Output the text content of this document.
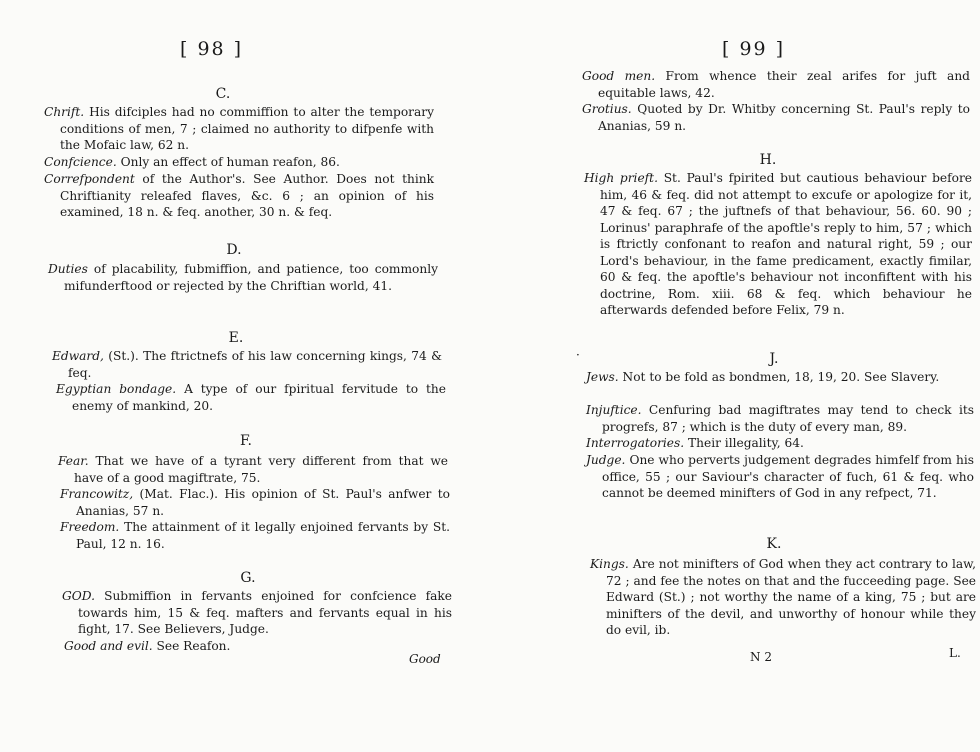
[ 98 ]
C.
Chrift. His difciples had no commiffion to alter the temporary conditions of men, 7 ; claimed no authority to difpenfe with the Mofaic law, 62 n.
Confcience. Only an effect of human reafon, 86.
Correfpondent of the Author's. See Author. Does not think Chriftianity releafed flaves, &c. 6 ; an opinion of his examined, 18 n. & feq. another, 30 n. & feq.
D.
Duties of placability, fubmiffion, and patience, too commonly mifunderftood or rejected by the Chriftian world, 41.
E.
Edward, (St.). The ftrictnefs of his law concerning kings, 74 & feq.
Egyptian bondage. A type of our fpiritual fervitude to the enemy of mankind, 20.
F.
Fear. That we have of a tyrant very different from that we have of a good magiftrate, 75.
Francowitz, (Mat. Flac.). His opinion of St. Paul's anfwer to Ananias, 57 n.
Freedom. The attainment of it legally enjoined fervants by St. Paul, 12 n. 16.
G.
GOD. Submiffion in fervants enjoined for confcience fake towards him, 15 & feq. mafters and fervants equal in his fight, 17. See Believers, Judge.
Good and evil. See Reafon.
Good
[ 99 ]
Good men. From whence their zeal arifes for juft and equitable laws, 42.
Grotius. Quoted by Dr. Whitby concerning St. Paul's reply to Ananias, 59 n.
H.
High prieft. St. Paul's fpirited but cautious behaviour before him, 46 & feq. did not attempt to excufe or apologize for it, 47 & feq. 67 ; the juftnefs of that behaviour, 56. 60. 90 ; Lorinus' paraphrafe of the apoftle's reply to him, 57 ; which is ftrictly confonant to reafon and natural right, 59 ; our Lord's behaviour, in the fame predicament, exactly fimilar, 60 & feq. the apoftle's behaviour not inconfiftent with his doctrine, Rom. xiii. 68 & feq. which behaviour he afterwards defended before Felix, 79 n.
·	J.
Jews. Not to be fold as bondmen, 18, 19, 20. See Slavery.
Injuftice. Cenfuring bad magiftrates may tend to check its progrefs, 87 ; which is the duty of every man, 89.
Interrogatories. Their illegality, 64.
Judge. One who perverts judgement degrades himfelf from his office, 55 ; our Saviour's character of fuch, 61 & feq. who cannot be deemed minifters of God in any refpect, 71.
K.
Kings. Are not minifters of God when they act contrary to law, 72 ; and fee the notes on that and the fucceeding page. See Edward (St.) ; not worthy the name of a king, 75 ; but are minifters of the devil, and unworthy of honour while they do evil, ib.
N 2	L.
